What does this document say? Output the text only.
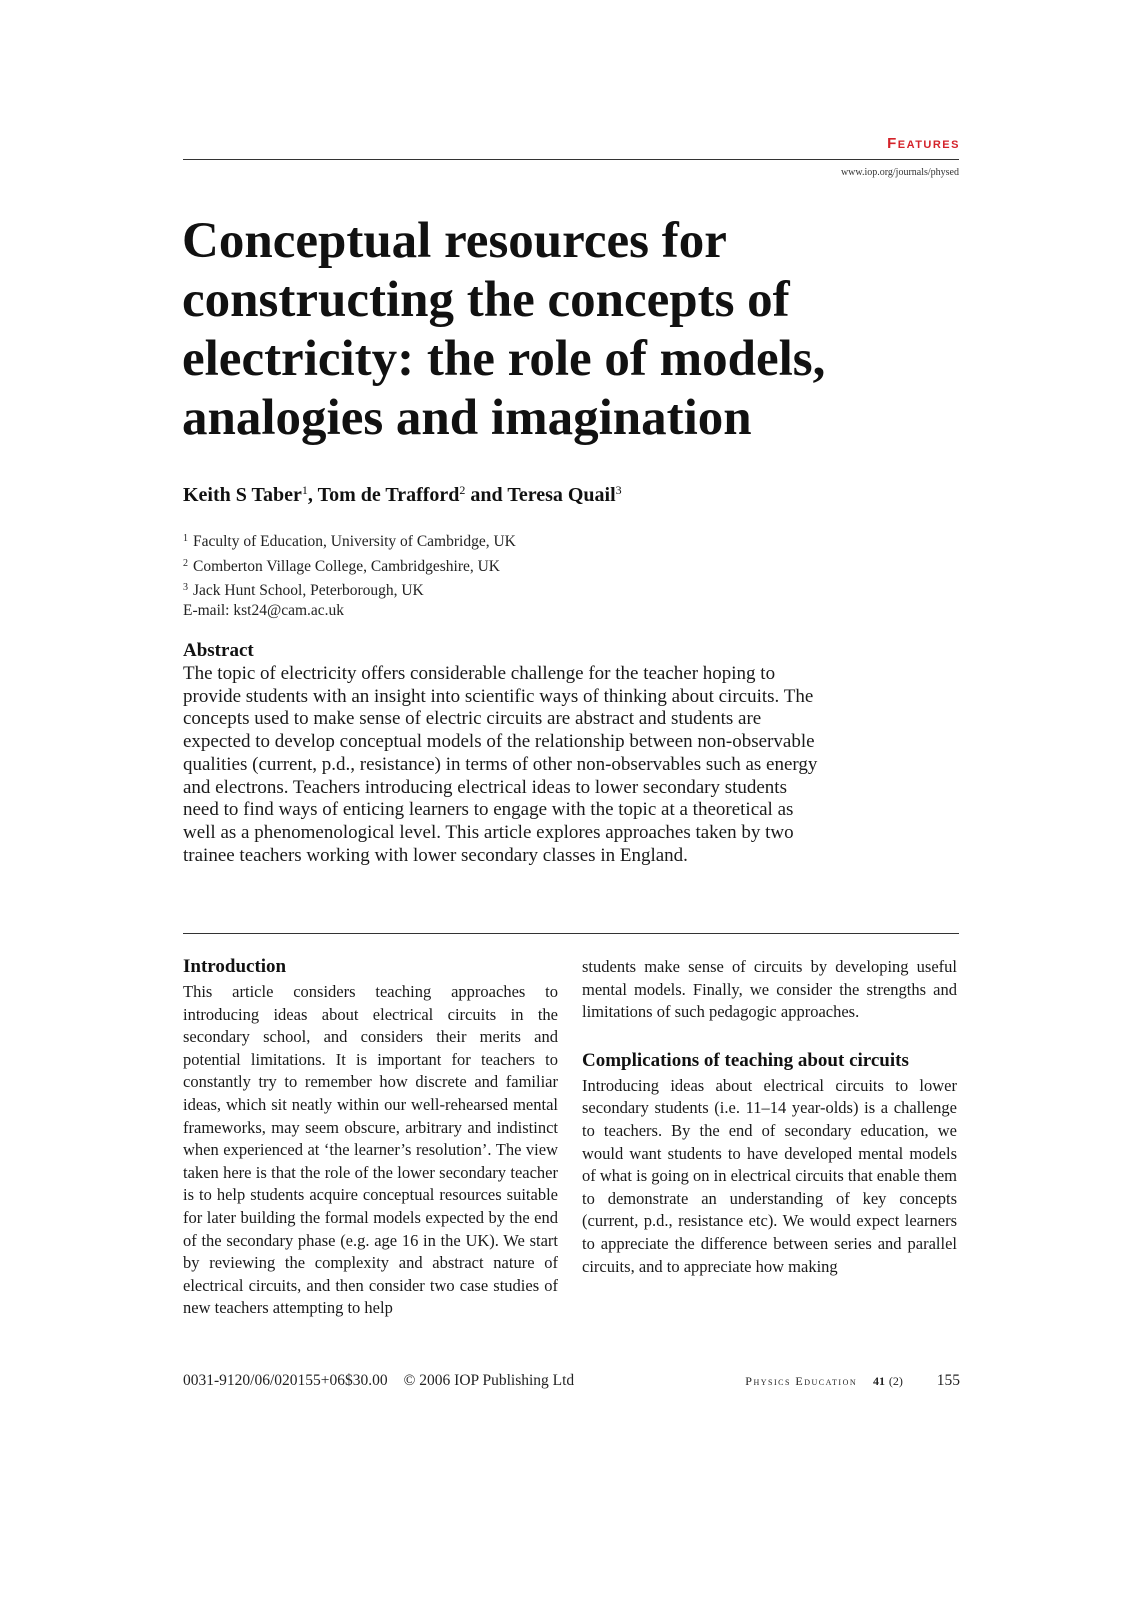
Features
www.iop.org/journals/physed
Conceptual resources for constructing the concepts of electricity: the role of models, analogies and imagination
Keith S Taber$^1$, Tom de Trafford$^2$ and Teresa Quail$^3$
$^1$ Faculty of Education, University of Cambridge, UK
$^2$ Comberton Village College, Cambridgeshire, UK
$^3$ Jack Hunt School, Peterborough, UK
E-mail: kst24@cam.ac.uk
Abstract
The topic of electricity offers considerable challenge for the teacher hoping to provide students with an insight into scientific ways of thinking about circuits. The concepts used to make sense of electric circuits are abstract and students are expected to develop conceptual models of the relationship between non-observable qualities (current, p.d., resistance) in terms of other non-observables such as energy and electrons. Teachers introducing electrical ideas to lower secondary students need to find ways of enticing learners to engage with the topic at a theoretical as well as a phenomenological level. This article explores approaches taken by two trainee teachers working with lower secondary classes in England.
Introduction

This article considers teaching approaches to introducing ideas about electrical circuits in the secondary school, and considers their merits and potential limitations. It is important for teachers to constantly try to remember how discrete and familiar ideas, which sit neatly within our well-rehearsed mental frameworks, may seem obscure, arbitrary and indistinct when experienced at ‘the learner’s resolution’. The view taken here is that the role of the lower secondary teacher is to help students acquire conceptual resources suitable for later building the formal models expected by the end of the secondary phase (e.g. age 16 in the UK). We start by reviewing the complexity and abstract nature of electrical circuits, and then consider two case studies of new teachers attempting to help

students make sense of circuits by developing useful mental models. Finally, we consider the strengths and limitations of such pedagogic approaches.

Complications of teaching about circuits

Introducing ideas about electrical circuits to lower secondary students (i.e. 11–14 year-olds) is a challenge to teachers. By the end of secondary education, we would want students to have developed mental models of what is going on in electrical circuits that enable them to demonstrate an understanding of key concepts (current, p.d., resistance etc). We would expect learners to appreciate the difference between series and parallel circuits, and to appreciate how making

0031-9120/06/020155+06$30.00 © 2006 IOP Publishing Ltd	Physics Education 41 (2) 155
